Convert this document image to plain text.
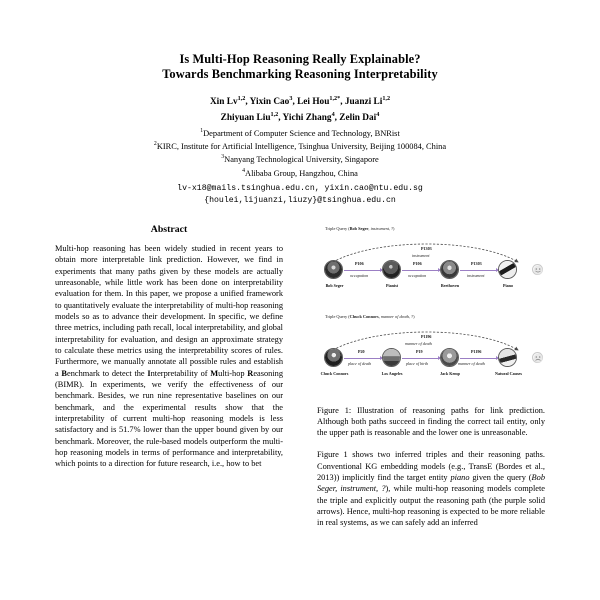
Is Multi-Hop Reasoning Really Explainable?
Towards Benchmarking Reasoning Interpretability
Xin Lv$^{1,2}$, Yixin Cao$^3$, Lei Hou$^{1,2*}$, Juanzi Li$^{1,2}$
Zhiyuan Liu$^{1,2}$, Yichi Zhang$^4$, Zelin Dai$^4$
$^1$Department of Computer Science and Technology, BNRist
$^2$KIRC, Institute for Artificial Intelligence, Tsinghua University, Beijing 100084, China
$^3$Nanyang Technological University, Singapore
$^4$Alibaba Group, Hangzhou, China
lv-x18@mails.tsinghua.edu.cn, yixin.cao@ntu.edu.sg
{houlei,lijuanzi,liuzy}@tsinghua.edu.cn
Abstract
Multi-hop reasoning has been widely studied in recent years to obtain more interpretable link prediction. However, we find in experiments that many paths given by these models are actually unreasonable, while little work has been done on interpretability evaluation for them. In this paper, we propose a unified framework to quantitatively evaluate the interpretability of multi-hop reasoning models so as to advance their development. In specific, we define three metrics, including path recall, local interpretability, and global interpretability for evaluation, and design an approximate strategy to calculate these metrics using the interpretability scores of rules. Furthermore, we manually annotate all possible rules and establish a Benchmark to detect the Interpretability of Multi-hop Reasoning (BIMR). In experiments, we verify the effectiveness of our benchmark. Besides, we run nine representative baselines on our benchmark, and the experimental results show that the interpretability of current multi-hop reasoning models is less satisfactory and is 51.7% lower than the upper bound given by our benchmark. Moreover, the rule-based models outperform the multi-hop reasoning models in terms of performance and interpretability, which points to a direction for future research, i.e., how to bet
Triple Query (Bob Seger, instrument, ?)
P1303
instrument
P106
occupation
P106
occupation
P1303
instrument
Bob Seger	Pianist	Beethoven	Piano
Triple Query (Chuck Connors, manner of death, ?)
P1196
manner of death
P20
place of death
P19
place of birth
P1196
manner of death
Chuck Connors	Los Angeles	Jack Kemp	Natural Causes
Figure 1: Illustration of reasoning paths for link prediction. Although both paths succeed in finding the correct tail entity, only the upper path is reasonable and the lower one is unreasonable.
Figure 1 shows two inferred triples and their reasoning paths. Conventional KG embedding models (e.g., TransE (Bordes et al., 2013)) implicitly find the target entity piano given the query (Bob Seger, instrument, ?), while multi-hop reasoning models complete the triple and explicitly output the reasoning path (the purple solid arrows). Hence, multi-hop reasoning is expected to be more reliable in real systems, as we can safely add an inferred
